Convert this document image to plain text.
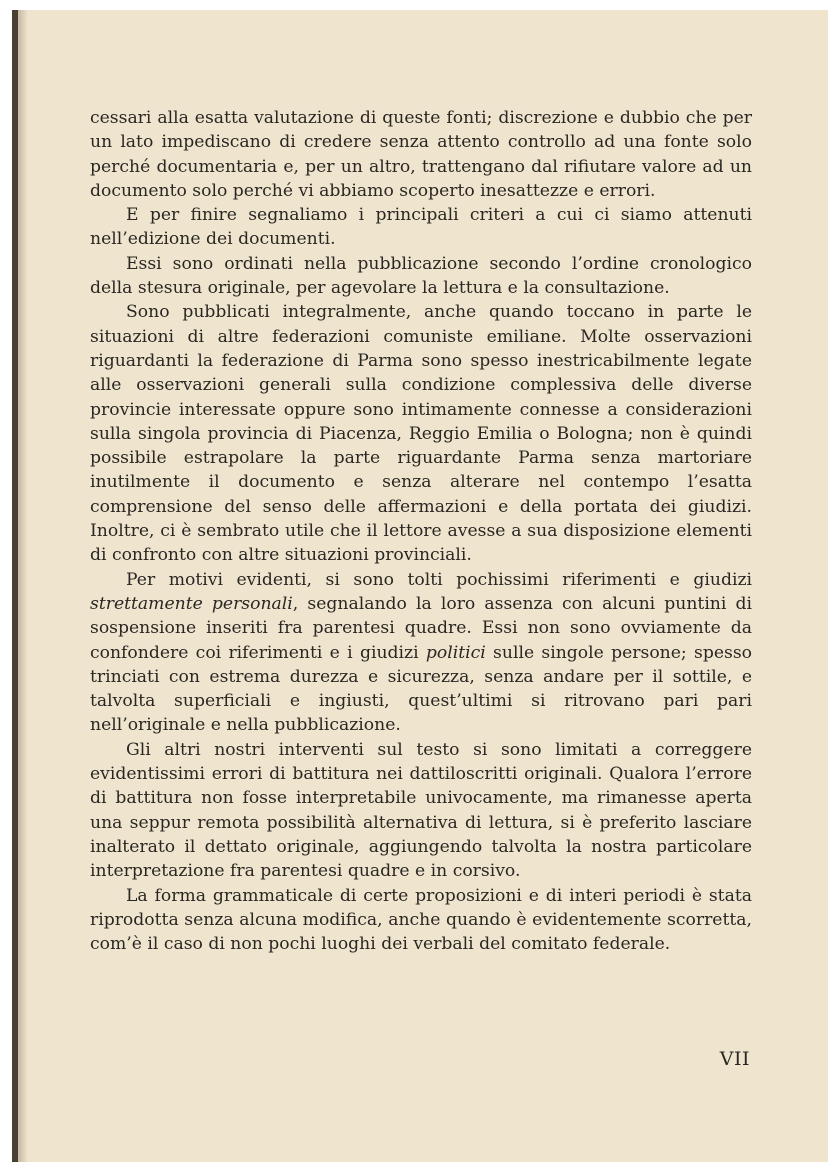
cessari alla esatta valutazione di queste fonti; discrezione e dubbio che per un lato impediscano di credere senza attento controllo ad una fonte solo perché documentaria e, per un altro, trattengano dal rifiutare valore ad un documento solo perché vi abbiamo scoperto inesattezze e errori.

E per finire segnaliamo i principali criteri a cui ci siamo attenuti nell’edizione dei documenti.

Essi sono ordinati nella pubblicazione secondo l’ordine cronologico della stesura originale, per agevolare la lettura e la consultazione.

Sono pubblicati integralmente, anche quando toccano in parte le situazioni di altre federazioni comuniste emiliane. Molte osservazioni riguardanti la federazione di Parma sono spesso inestricabilmente legate alle osservazioni generali sulla condizione complessiva delle diverse provincie interessate oppure sono intimamente connesse a considerazioni sulla singola provincia di Piacenza, Reggio Emilia o Bologna; non è quindi possibile estrapolare la parte riguardante Parma senza martoriare inutilmente il documento e senza alterare nel contempo l’esatta comprensione del senso delle affermazioni e della portata dei giudizi. Inoltre, ci è sembrato utile che il lettore avesse a sua disposizione elementi di confronto con altre situazioni provinciali.

Per motivi evidenti, si sono tolti pochissimi riferimenti e giudizi strettamente personali, segnalando la loro assenza con alcuni puntini di sospensione inseriti fra parentesi quadre. Essi non sono ovviamente da confondere coi riferimenti e i giudizi politici sulle singole persone; spesso trinciati con estrema durezza e sicurezza, senza andare per il sottile, e talvolta superficiali e ingiusti, quest’ultimi si ritrovano pari pari nell’originale e nella pubblicazione.

Gli altri nostri interventi sul testo si sono limitati a correggere evidentissimi errori di battitura nei dattiloscritti originali. Qualora l’errore di battitura non fosse interpretabile univocamente, ma rimanesse aperta una seppur remota possibilità alternativa di lettura, si è preferito lasciare inalterato il dettato originale, aggiungendo talvolta la nostra particolare interpretazione fra parentesi quadre e in corsivo.

La forma grammaticale di certe proposizioni e di interi periodi è stata riprodotta senza alcuna modifica, anche quando è evidentemente scorretta, com’è il caso di non pochi luoghi dei verbali del comitato federale.

VII
